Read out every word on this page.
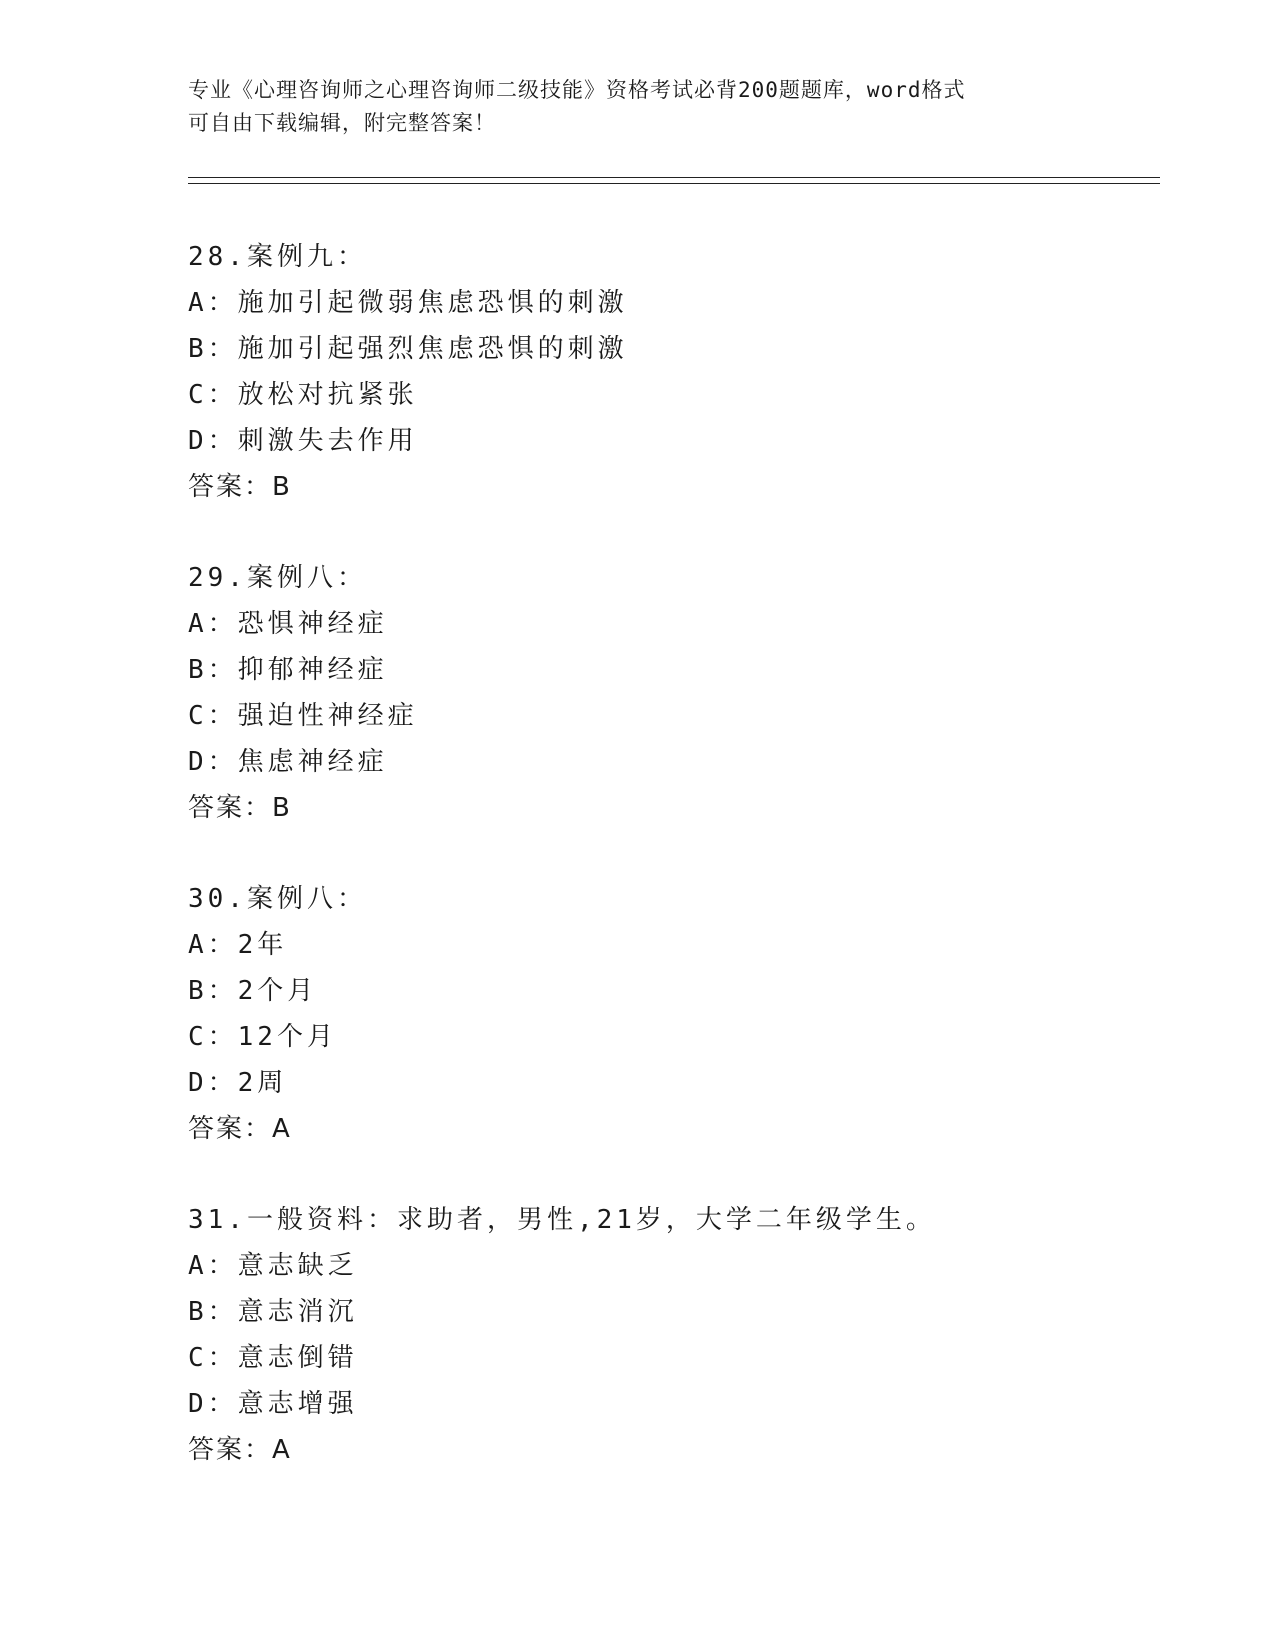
专业《心理咨询师之心理咨询师二级技能》资格考试必背200题题库，word格式
可自由下载编辑，附完整答案！
28.案例九：
A：施加引起微弱焦虑恐惧的刺激
B：施加引起强烈焦虑恐惧的刺激
C：放松对抗紧张
D：刺激失去作用
答案：B
29.案例八：
A：恐惧神经症
B：抑郁神经症
C：强迫性神经症
D：焦虑神经症
答案：B
30.案例八：
A：2年
B：2个月
C：12个月
D：2周
答案：A
31.一般资料：求助者，男性,21岁，大学二年级学生。
A：意志缺乏
B：意志消沉
C：意志倒错
D：意志增强
答案：A
